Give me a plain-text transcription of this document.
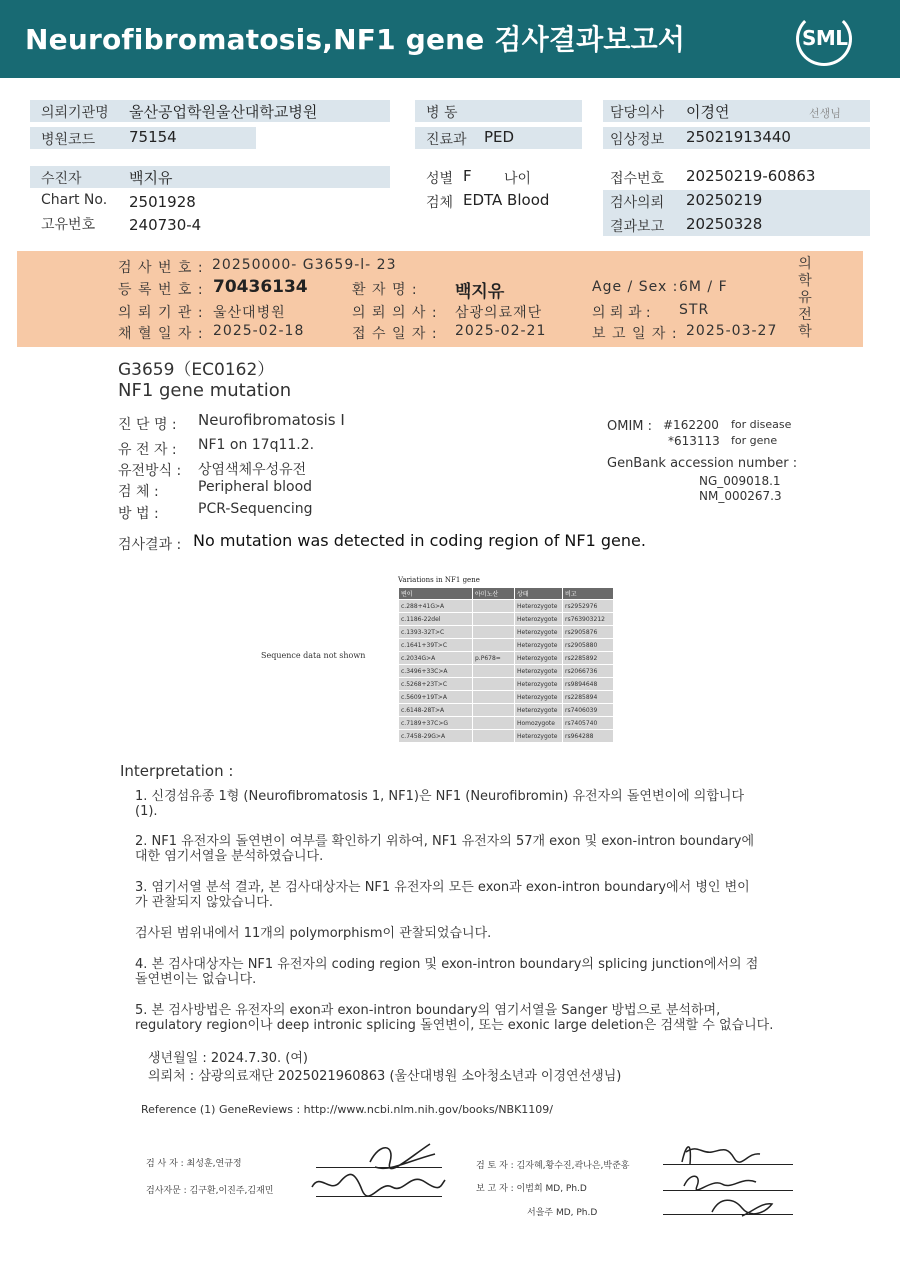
Neurofibromatosis,NF1 gene 검사결과보고서	SML
의뢰기관명 울산공업학원울산대학교병원
병원코드 75154
수진자	백지유
Chart No. 2501928
고유번호 240730-4
병 동
진료과 PED
성별 F 나이
검체 EDTA Blood
담당의사 이경연	선생님
임상정보 25021913440
접수번호 20250219-60863
검사의뢰 20250219
결과보고 20250328
검 사 번 호 : 20250000- G3659-l- 23
등 록 번 호 : 70436134	환 자 명 : 백지유	Age / Sex : 6M / F
의 뢰 기 관 : 울산대병원	의 뢰 의 사 : 삼광의료재단	의 뢰 과 : STR
채 혈 일 자 : 2025-02-18	접 수 일 자 : 2025-02-21	보 고 일 자 : 2025-03-27
의학유전학
G3659（EC0162）
NF1 gene mutation
진 단 명 : Neurofibromatosis I
유 전 자 : NF1 on 17q11.2.
유전방식 : 상염색체우성유전
검 체 :	Peripheral blood
방 법 :	PCR-Sequencing
OMIM : #162200 for disease
*613113 for gene
GenBank accession number :
NG_009018.1
NM_000267.3
검사결과 : No mutation was detected in coding region of NF1 gene.
Sequence data not shown
Variations in NF1 gene
변이	아미노산	상태	비고
c.288+41G>A		Heterozygote	rs2952976
c.1186-22del		Heterozygote	rs763903212
c.1393-32T>C		Heterozygote	rs2905876
c.1641+39T>C		Heterozygote	rs2905880
c.2034G>A	p.P678=	Heterozygote	rs2285892
c.3496+33C>A		Heterozygote	rs2066736
c.5268+23T>C		Heterozygote	rs9894648
c.5609+19T>A		Heterozygote	rs2285894
c.6148-28T>A		Heterozygote	rs7406039
c.7189+37C>G		Homozygote	rs7405740
c.7458-29G>A		Heterozygote	rs964288
Interpretation :
1. 신경섬유종 1형 (Neurofibromatosis 1, NF1)은 NF1 (Neurofibromin) 유전자의 돌연변이에 의합니다
(1).
2. NF1 유전자의 돌연변이 여부를 확인하기 위하여, NF1 유전자의 57개 exon 및 exon-intron boundary에
대한 염기서열을 분석하였습니다.
3. 염기서열 분석 결과, 본 검사대상자는 NF1 유전자의 모든 exon과 exon-intron boundary에서 병인 변이
가 관찰되지 않았습니다.
검사된 범위내에서 11개의 polymorphism이 관찰되었습니다.
4. 본 검사대상자는 NF1 유전자의 coding region 및 exon-intron boundary의 splicing junction에서의 점
돌연변이는 없습니다.
5. 본 검사방법은 유전자의 exon과 exon-intron boundary의 염기서열을 Sanger 방법으로 분석하며,
regulatory region이나 deep intronic splicing 돌연변이, 또는 exonic large deletion은 검색할 수 없습니다.
생년월일 : 2024.7.30. (여)
의뢰처 : 삼광의료재단 2025021960863 (울산대병원 소아청소년과 이경연선생님)
Reference (1) GeneReviews : http://www.ncbi.nlm.nih.gov/books/NBK1109/
검 사 자 : 최성훈,연규정
검사자문 : 김구환,이진주,김재민
검 토 자 : 김자혜,황수진,곽나은,박준홍
보 고 자 : 이범희 MD, Ph.D
서을주 MD, Ph.D
